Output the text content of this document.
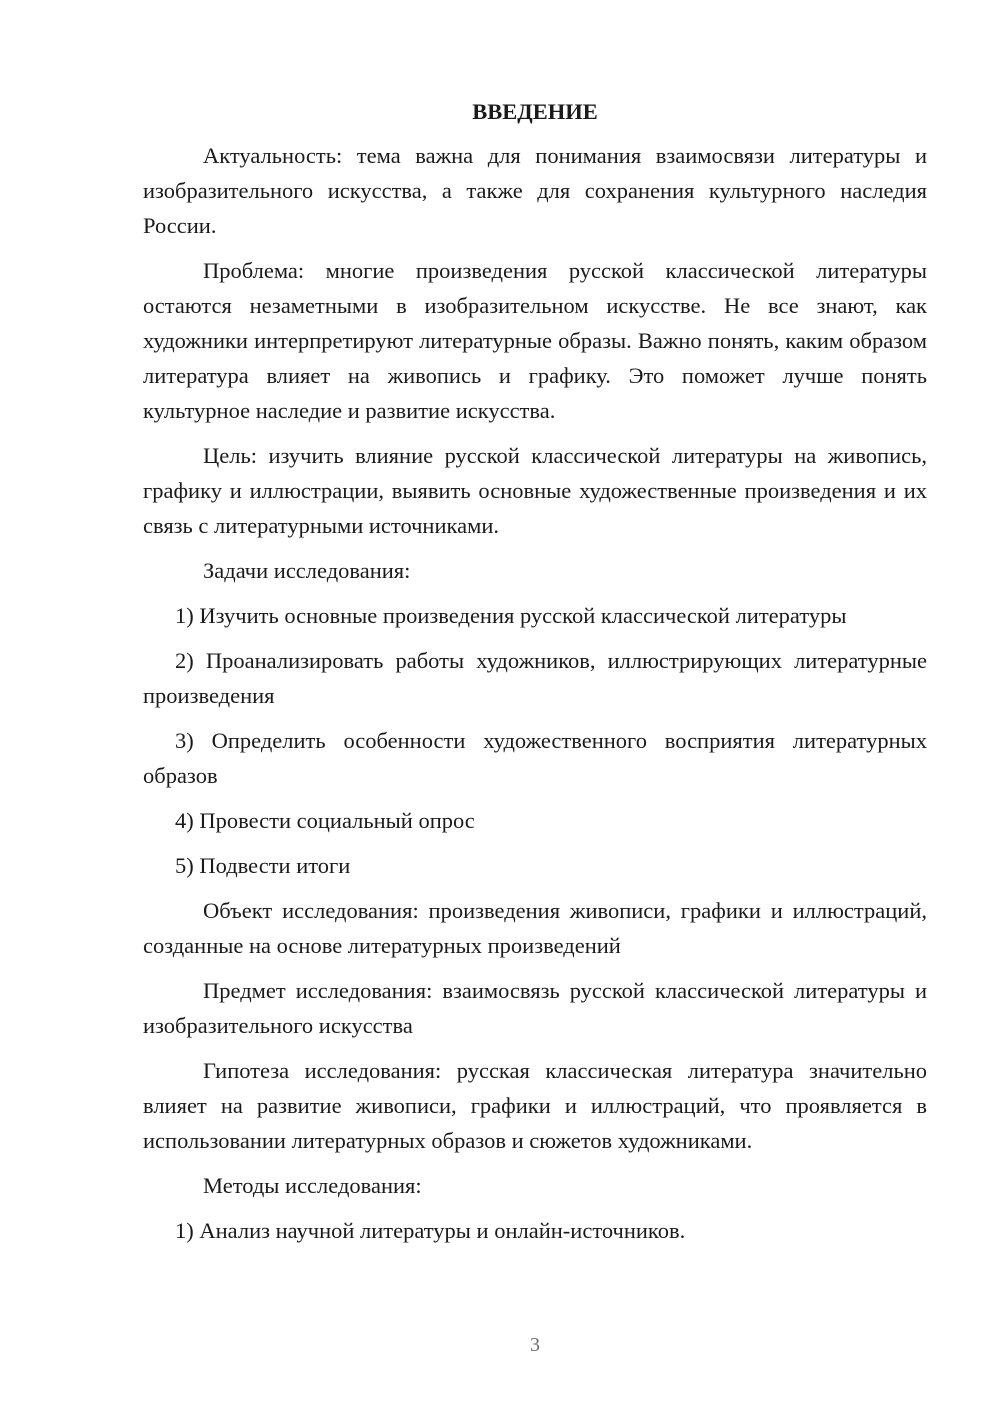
ВВЕДЕНИЕ
Актуальность: тема важна для понимания взаимосвязи литературы и изобразительного искусства, а также для сохранения культурного наследия России.
Проблема: многие произведения русской классической литературы остаются незаметными в изобразительном искусстве. Не все знают, как художники интерпретируют литературные образы. Важно понять, каким образом литература влияет на живопись и графику. Это поможет лучше понять культурное наследие и развитие искусства.
Цель: изучить влияние русской классической литературы на живопись, графику и иллюстрации, выявить основные художественные произведения и их связь с литературными источниками.
Задачи исследования:
1) Изучить основные произведения русской классической литературы
2) Проанализировать работы художников, иллюстрирующих литературные произведения
3) Определить особенности художественного восприятия литературных образов
4) Провести социальный опрос
5) Подвести итоги
Объект исследования: произведения живописи, графики и иллюстраций, созданные на основе литературных произведений
Предмет исследования: взаимосвязь русской классической литературы и изобразительного искусства
Гипотеза исследования: русская классическая литература значительно влияет на развитие живописи, графики и иллюстраций, что проявляется в использовании литературных образов и сюжетов художниками.
Методы исследования:
1) Анализ научной литературы и онлайн-источников.
3
